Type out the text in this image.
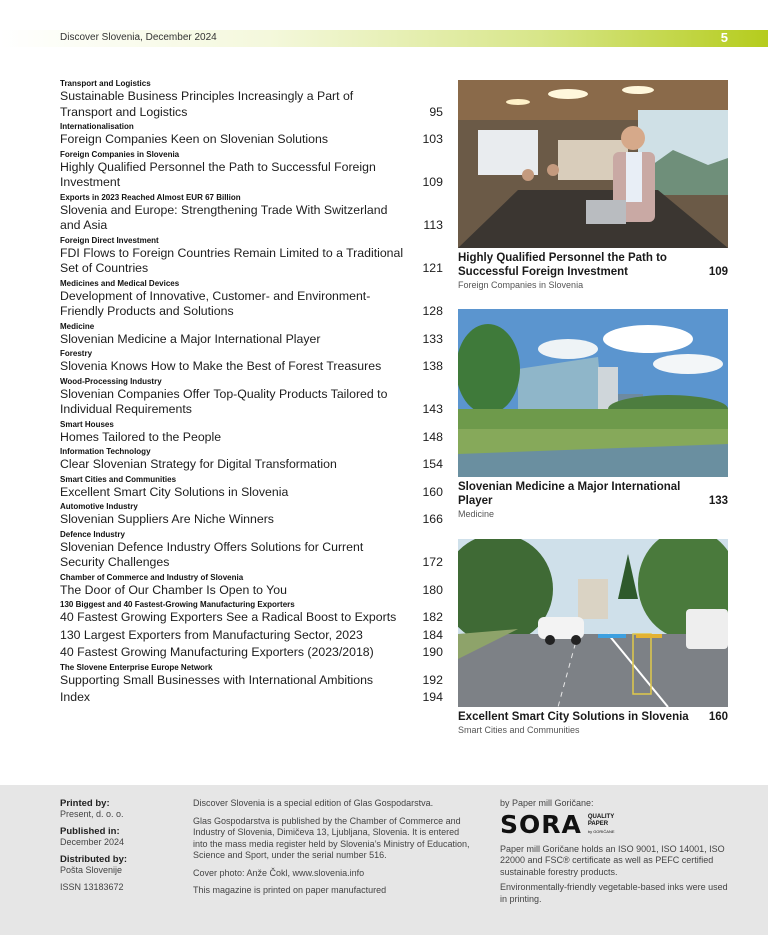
Discover Slovenia, December 2024	5
Transport and Logistics
Sustainable Business Principles Increasingly a Part of Transport and Logistics	95
Internationalisation
Foreign Companies Keen on Slovenian Solutions	103
Foreign Companies in Slovenia
Highly Qualified Personnel the Path to Successful Foreign Investment	109
Exports in 2023 Reached Almost EUR 67 Billion
Slovenia and Europe: Strengthening Trade With Switzerland and Asia	113
Foreign Direct Investment
FDI Flows to Foreign Countries Remain Limited to a Traditional Set of Countries	121
Medicines and Medical Devices
Development of Innovative, Customer- and Environment-Friendly Products and Solutions	128
Medicine
Slovenian Medicine a Major International Player	133
Forestry
Slovenia Knows How to Make the Best of Forest Treasures	138
Wood-Processing Industry
Slovenian Companies Offer Top-Quality Products Tailored to Individual Requirements	143
Smart Houses
Homes Tailored to the People	148
Information Technology
Clear Slovenian Strategy for Digital Transformation	154
Smart Cities and Communities
Excellent Smart City Solutions in Slovenia	160
Automotive Industry
Slovenian Suppliers Are Niche Winners	166
Defence Industry
Slovenian Defence Industry Offers Solutions for Current Security Challenges	172
Chamber of Commerce and Industry of Slovenia
The Door of Our Chamber Is Open to You	180
130 Biggest and 40 Fastest-Growing Manufacturing Exporters
40 Fastest Growing Exporters See a Radical Boost to Exports	182
130 Largest Exporters from Manufacturing Sector, 2023	184
40 Fastest Growing Manufacturing Exporters (2023/2018)	190
The Slovene Enterprise Europe Network
Supporting Small Businesses with International Ambitions	192
Index	194
Highly Qualified Personnel the Path to Successful Foreign Investment	109
Foreign Companies in Slovenia
Slovenian Medicine a Major International Player	133
Medicine
Excellent Smart City Solutions in Slovenia	160
Smart Cities and Communities
Printed by:
Present, d. o. o.
Published in:
December 2024
Distributed by:
Pošta Slovenije
ISSN 13183672

Discover Slovenia is a special edition of Glas Gospodarstva.

Glas Gospodarstva is published by the Chamber of Commerce and Industry of Slovenia, Dimičeva 13, Ljubljana, Slovenia. It is entered into the mass media register held by Slovenia’s Ministry of Education, Science and Sport, under the serial number 516.

Cover photo: Anže Čokl, www.slovenia.info

This magazine is printed on paper manufactured

by Paper mill Goričane:
SORA QUALITY
PAPER
by GORIČANE

Paper mill Goričane holds an ISO 9001, ISO 14001, ISO 22000 and FSC® certificate as well as PEFC certified sustainable forestry products.

Environmentally-friendly vegetable-based inks were used in printing.
